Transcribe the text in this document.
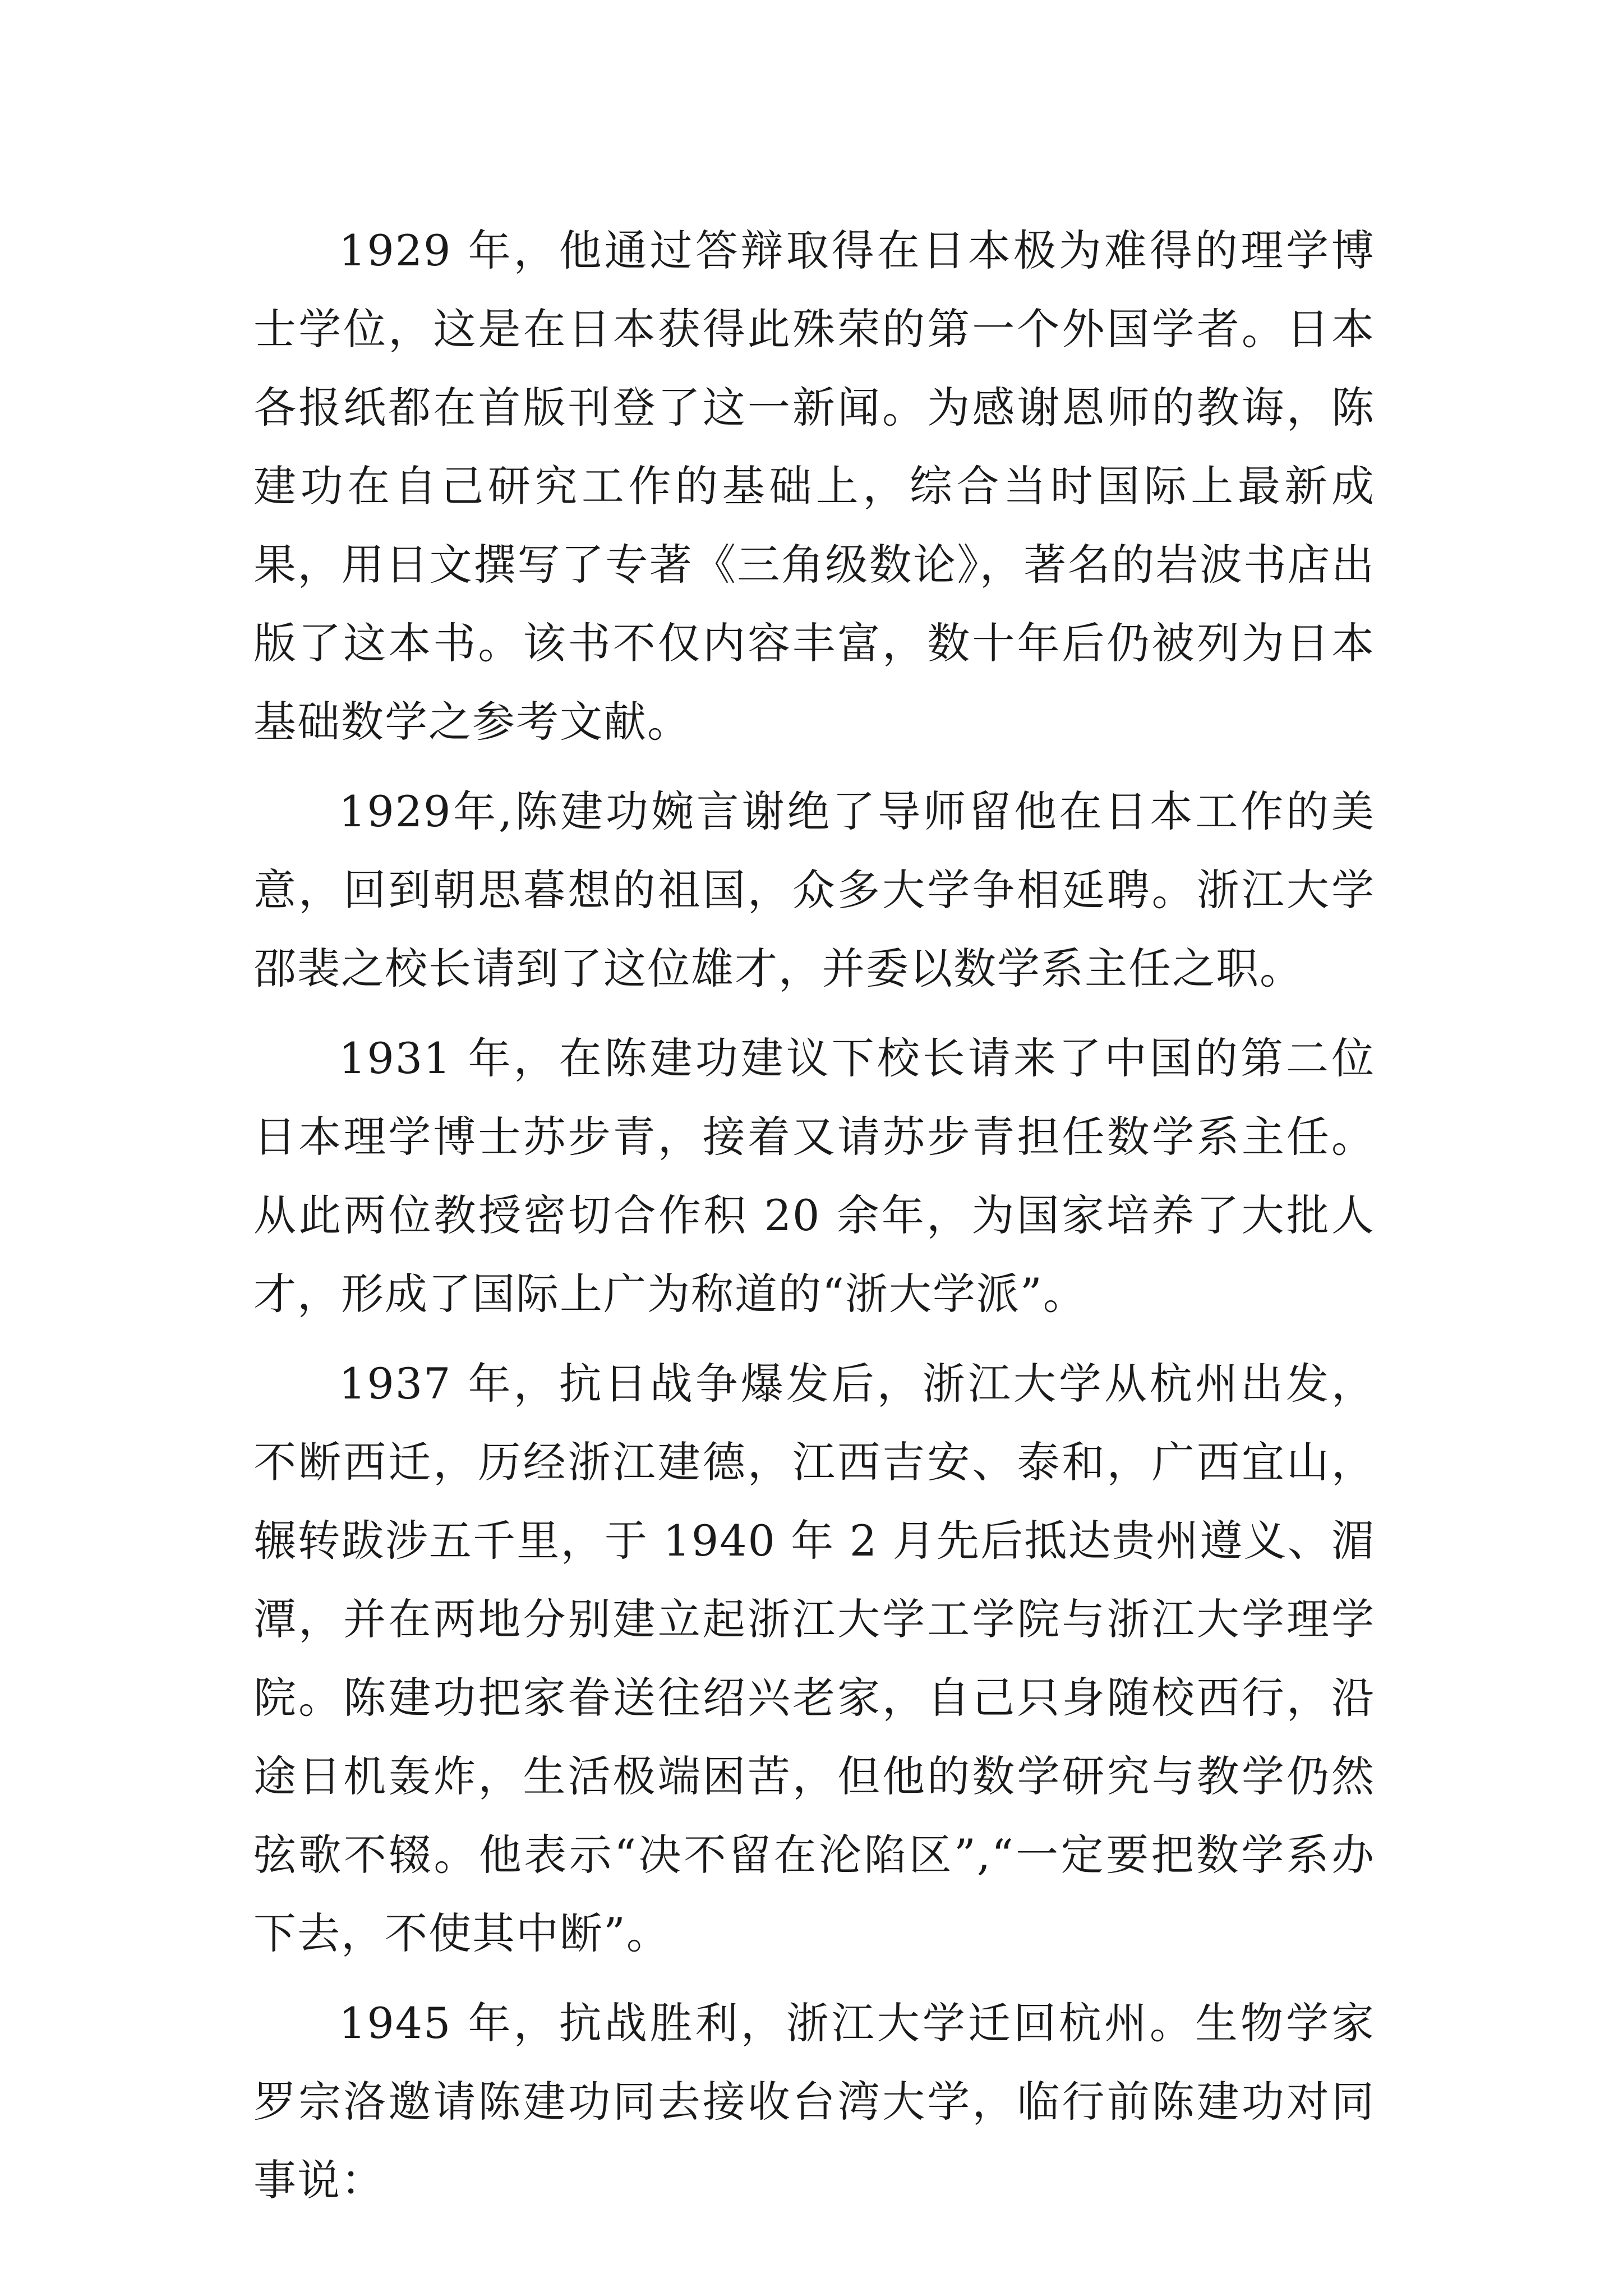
1929 年，他通过答辩取得在日本极为难得的理学博士学位，这是在日本获得此殊荣的第一个外国学者。日本各报纸都在首版刊登了这一新闻。为感谢恩师的教诲，陈建功在自己研究工作的基础上，综合当时国际上最新成果，用日文撰写了专著《三角级数论》，著名的岩波书店出版了这本书。该书不仅内容丰富，数十年后仍被列为日本基础数学之参考文献。

1929年,陈建功婉言谢绝了导师留他在日本工作的美意，回到朝思暮想的祖国，众多大学争相延聘。浙江大学邵裴之校长请到了这位雄才，并委以数学系主任之职。

1931 年，在陈建功建议下校长请来了中国的第二位日本理学博士苏步青，接着又请苏步青担任数学系主任。从此两位教授密切合作积 20 余年，为国家培养了大批人才，形成了国际上广为称道的“浙大学派”。

1937 年，抗日战争爆发后，浙江大学从杭州出发，不断西迁，历经浙江建德，江西吉安、泰和，广西宜山，辗转跋涉五千里，于 1940 年 2 月先后抵达贵州遵义、湄潭，并在两地分别建立起浙江大学工学院与浙江大学理学院。陈建功把家眷送往绍兴老家，自己只身随校西行，沿途日机轰炸，生活极端困苦，但他的数学研究与教学仍然弦歌不辍。他表示“决不留在沦陷区”,“一定要把数学系办下去，不使其中断”。

1945 年，抗战胜利，浙江大学迁回杭州。生物学家罗宗洛邀请陈建功同去接收台湾大学，临行前陈建功对同事说：
